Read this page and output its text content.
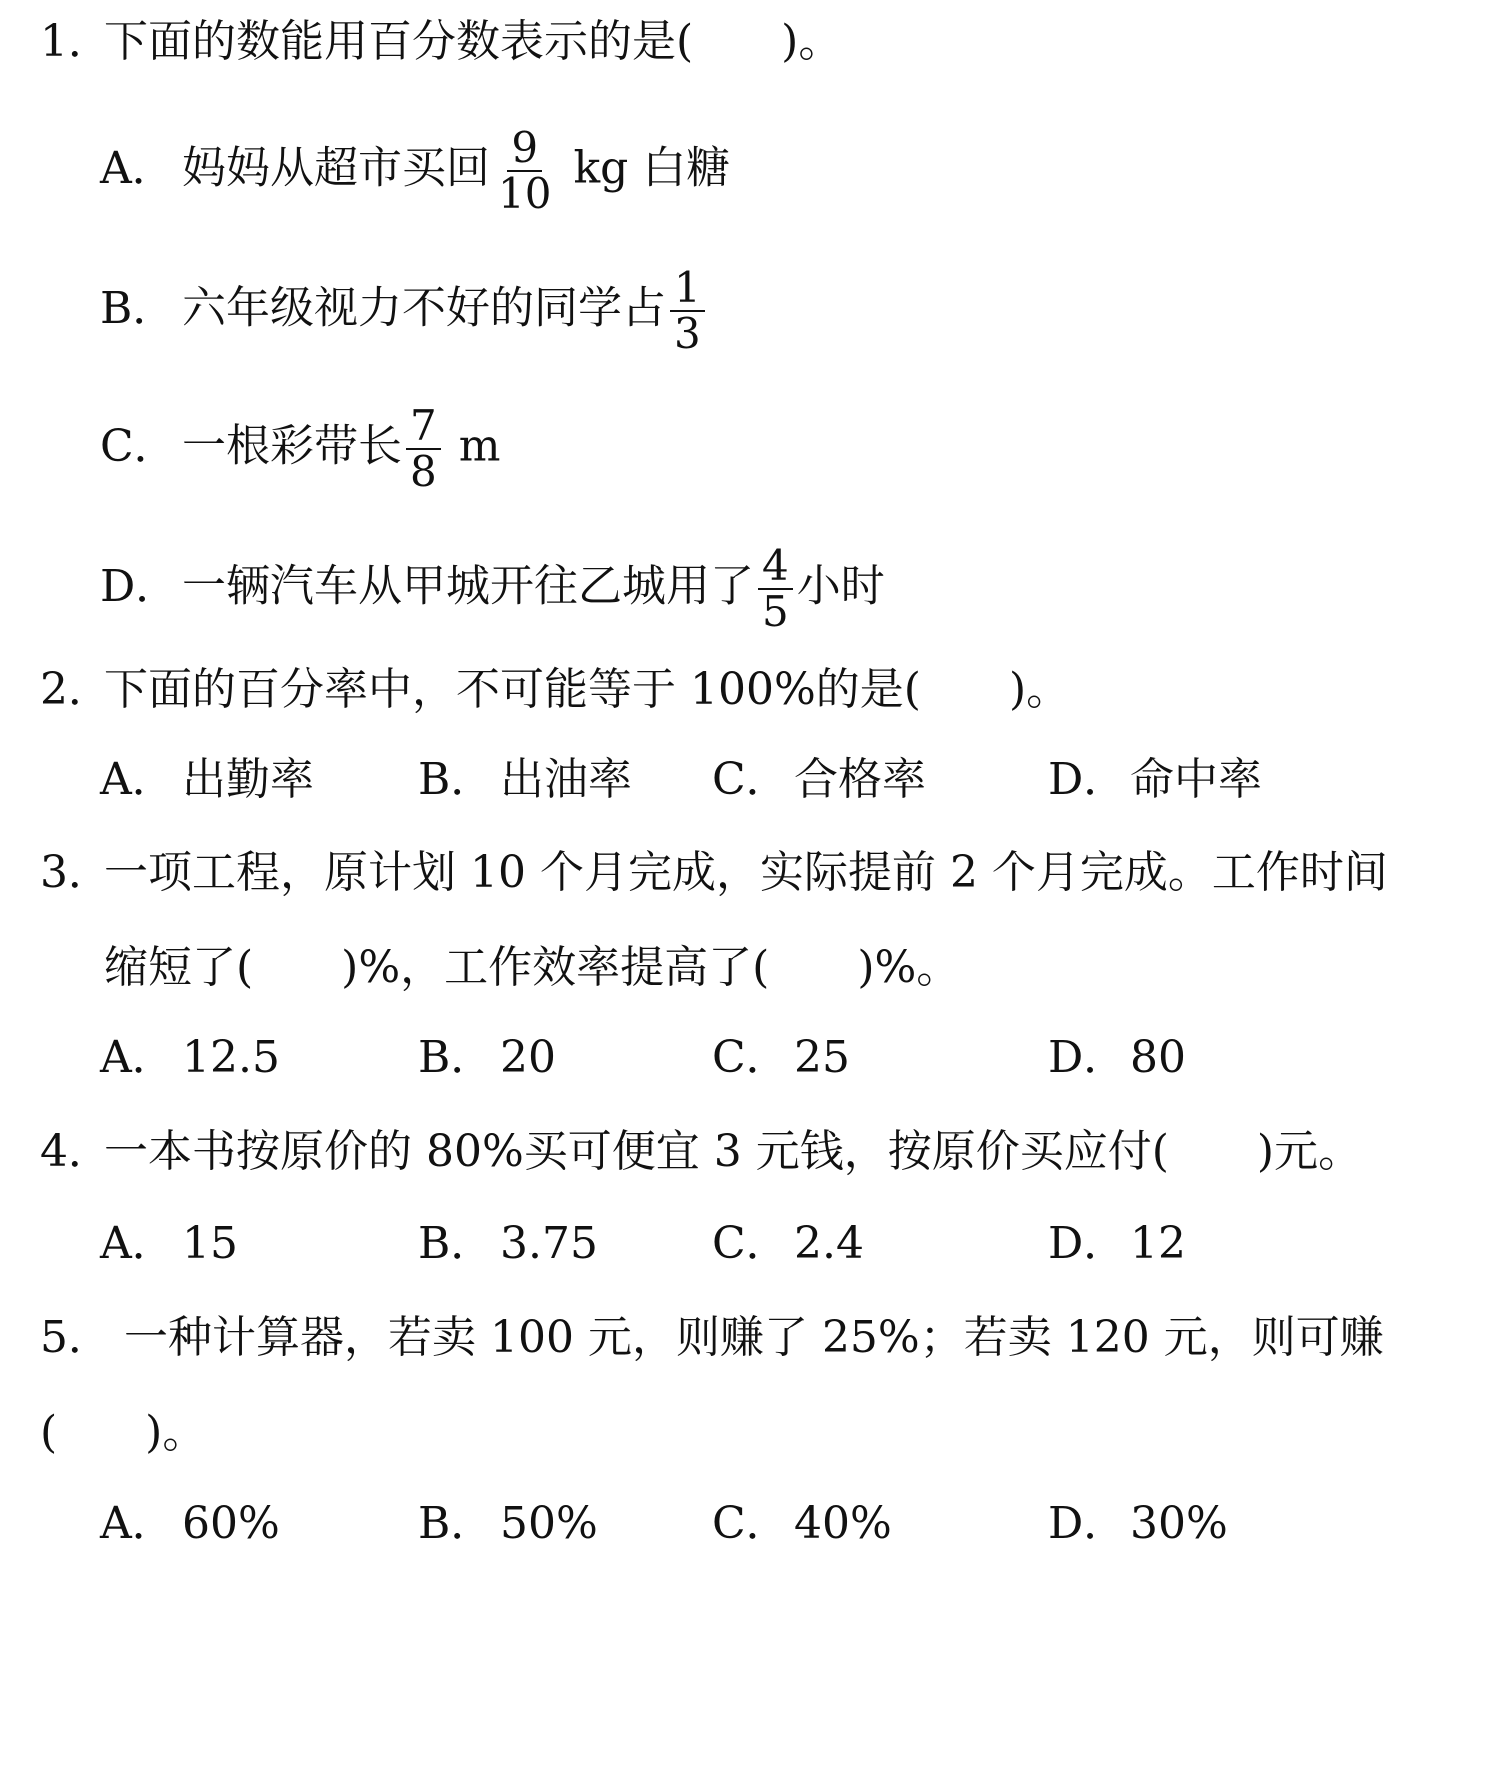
1．下面的数能用百分数表示的是( )。
A． 妈妈从超市买回 $\frac{9}{10}$ kg 白糖
B． 六年级视力不好的同学占 $\frac{1}{3}$
C．一根彩带长 $\frac{7}{8}$ m
D．一辆汽车从甲城开往乙城用了 $\frac{4}{5}$ 小时
2．下面的百分率中，不可能等于 100%的是( )。
A． 出勤率 B． 出油率 C．合格率	D．命中率
3．一项工程，原计划 10 个月完成，实际提前 2 个月完成。工作时间
缩短了( )%，工作效率提高了( )%。
A． 12.5	B． 20	C．25	D．80
4．一本书按原价的 80%买可便宜 3 元钱，按原价买应付( )元。
A． 15	B． 3.75	C．2.4	D．12
5． 一种计算器，若卖 100 元，则赚了 25%；若卖 120 元，则可赚
( )。
A． 60%	B． 50%	C．40%	D．30%
